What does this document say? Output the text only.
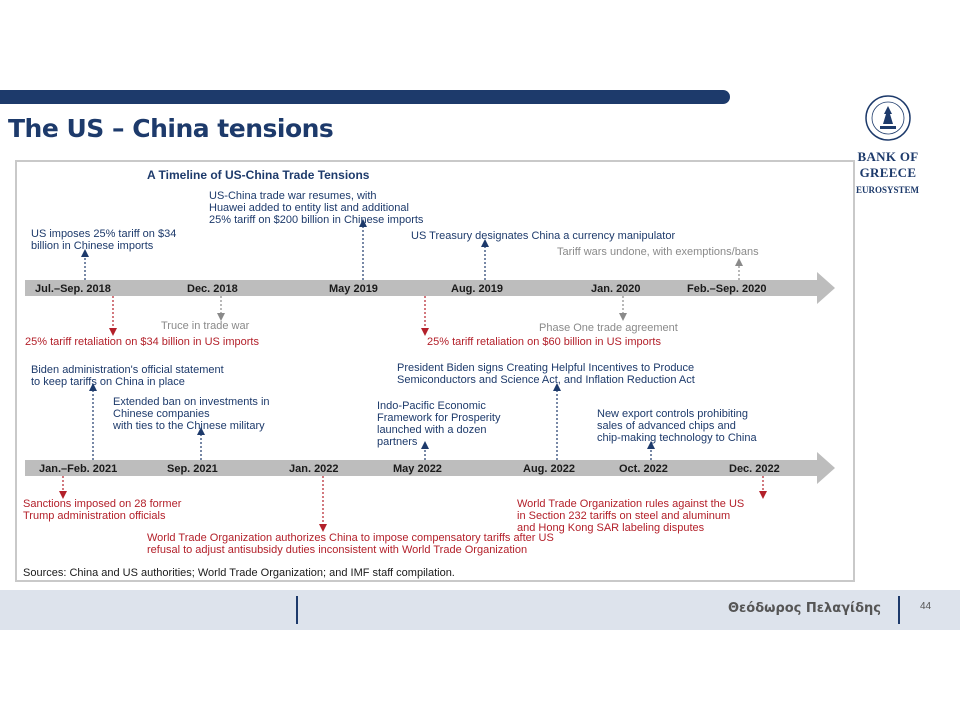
The US – China tensions
BANK OF GREECE
EUROSYSTEM
A Timeline of US-China Trade Tensions
Jul.–Sep. 2018	Dec. 2018	May 2019	Aug. 2019	Jan. 2020	Feb.–Sep. 2020
US imposes 25% tariff on $34
billion in Chinese imports
US-China trade war resumes, with
Huawei added to entity list and additional
25% tariff on $200 billion in Chinese imports
US Treasury designates China a currency manipulator
Tariff wars undone, with exemptions/bans
25% tariff retaliation on $34 billion in US imports
Truce in trade war
25% tariff retaliation on $60 billion in US imports
Phase One trade agreement
Jan.–Feb. 2021	Sep. 2021	Jan. 2022	May 2022	Aug. 2022	Oct. 2022	Dec. 2022
Biden administration's official statement
to keep tariffs on China in place
Extended ban on investments in
Chinese companies
with ties to the Chinese military
Indo-Pacific Economic
Framework for Prosperity
launched with a dozen
partners
President Biden signs Creating Helpful Incentives to Produce
Semiconductors and Science Act, and Inflation Reduction Act
New export controls prohibiting
sales of advanced chips and
chip-making technology to China
Sanctions imposed on 28 former
Trump administration officials
World Trade Organization authorizes China to impose compensatory tariffs after US
refusal to adjust antisubsidy duties inconsistent with World Trade Organization
World Trade Organization rules against the US
in Section 232 tariffs on steel and aluminum
and Hong Kong SAR labeling disputes
Sources: China and US authorities; World Trade Organization; and IMF staff compilation.
Θεόδωρος Πελαγίδης	44
